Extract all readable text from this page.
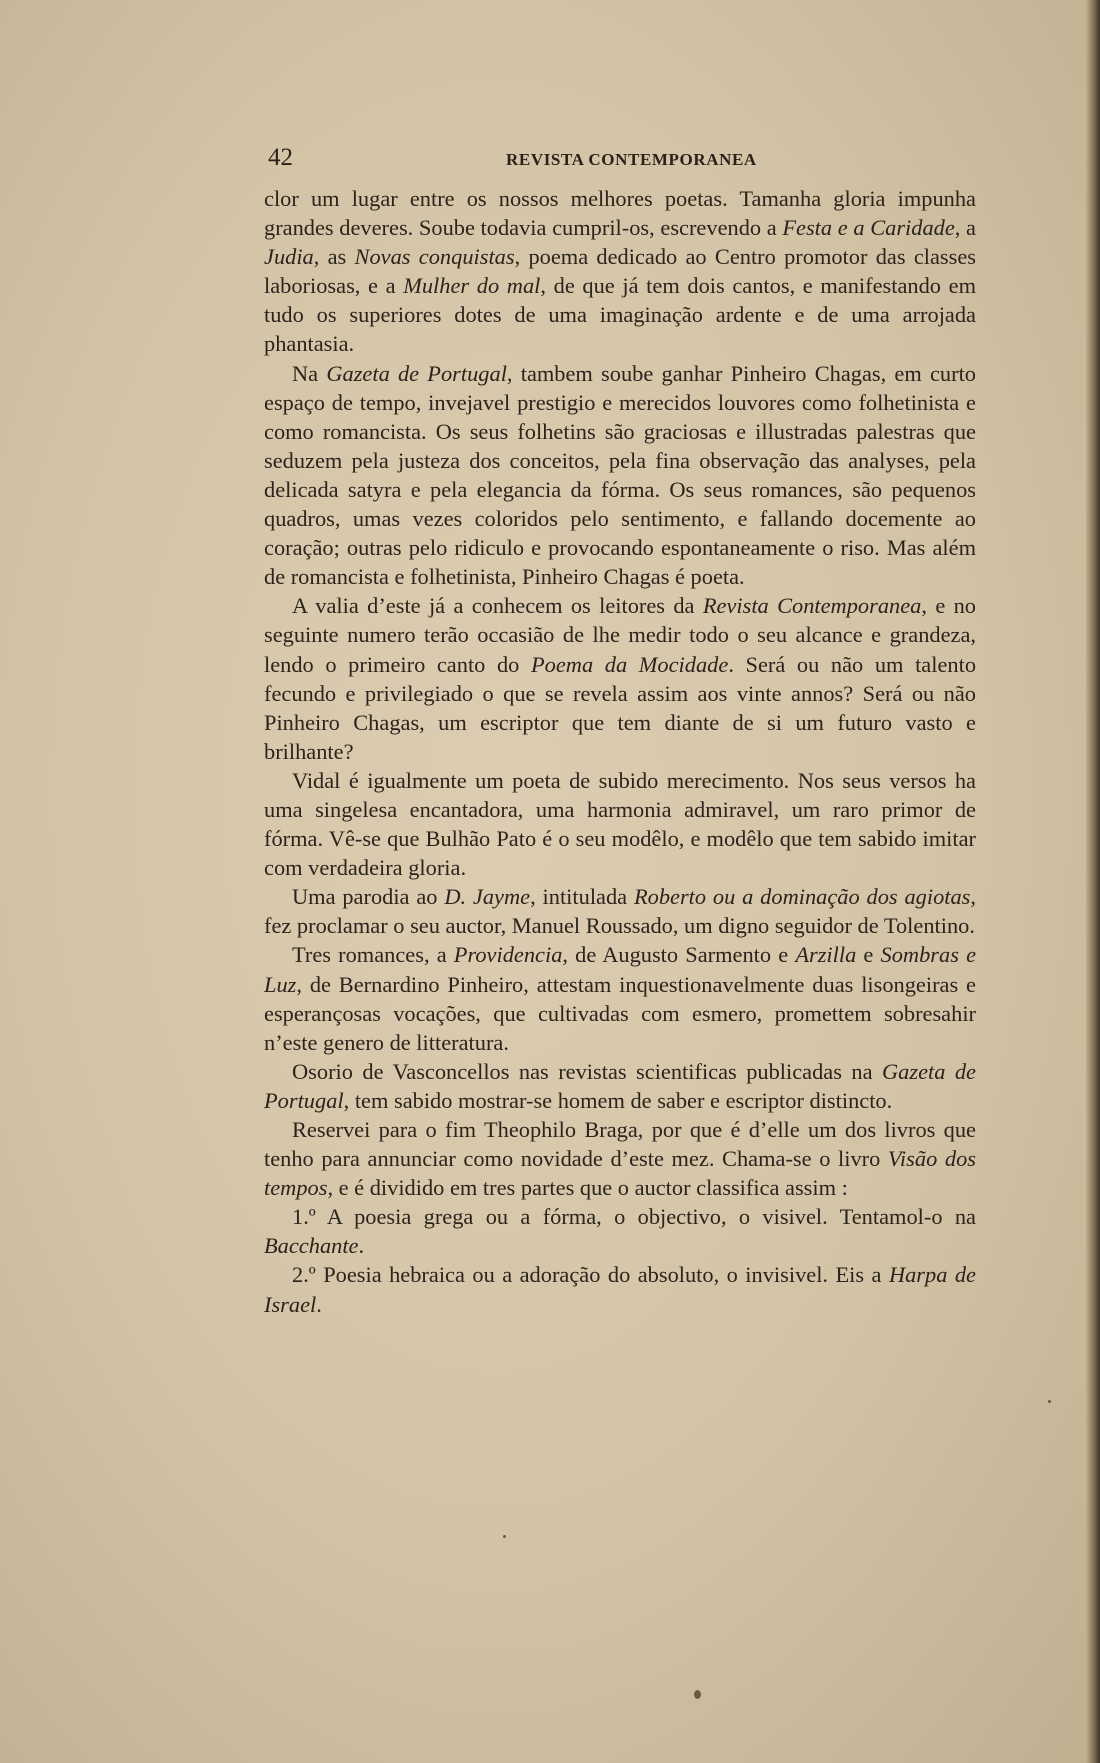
42	REVISTA CONTEMPORANEA

clor um lugar entre os nossos melhores poetas. Tamanha gloria impunha grandes deveres. Soube todavia cumpril-os, escrevendo a Festa e a Caridade, a Judia, as Novas conquistas, poema dedicado ao Centro promotor das classes laboriosas, e a Mulher do mal, de que já tem dois cantos, e manifestando em tudo os superiores dotes de uma imaginação ardente e de uma arrojada phantasia.

Na Gazeta de Portugal, tambem soube ganhar Pinheiro Chagas, em curto espaço de tempo, invejavel prestigio e merecidos louvores como folhetinista e como romancista. Os seus folhetins são graciosas e illustradas palestras que seduzem pela justeza dos conceitos, pela fina observação das analyses, pela delicada satyra e pela elegancia da fórma. Os seus romances, são pequenos quadros, umas vezes coloridos pelo sentimento, e fallando docemente ao coração; outras pelo ridiculo e provocando espontaneamente o riso. Mas além de romancista e folhetinista, Pinheiro Chagas é poeta.

A valia d’este já a conhecem os leitores da Revista Contemporanea, e no seguinte numero terão occasião de lhe medir todo o seu alcance e grandeza, lendo o primeiro canto do Poema da Mocidade. Será ou não um talento fecundo e privilegiado o que se revela assim aos vinte annos? Será ou não Pinheiro Chagas, um escriptor que tem diante de si um futuro vasto e brilhante?

Vidal é igualmente um poeta de subido merecimento. Nos seus versos ha uma singelesa encantadora, uma harmonia admiravel, um raro primor de fórma. Vê-se que Bulhão Pato é o seu modêlo, e modêlo que tem sabido imitar com verdadeira gloria.

Uma parodia ao D. Jayme, intitulada Roberto ou a dominação dos agiotas, fez proclamar o seu auctor, Manuel Roussado, um digno seguidor de Tolentino.

Tres romances, a Providencia, de Augusto Sarmento e Arzilla e Sombras e Luz, de Bernardino Pinheiro, attestam inquestionavelmente duas lisongeiras e esperançosas vocações, que cultivadas com esmero, promettem sobresahir n’este genero de litteratura.

Osorio de Vasconcellos nas revistas scientificas publicadas na Gazeta de Portugal, tem sabido mostrar-se homem de saber e escriptor distincto.

Reservei para o fim Theophilo Braga, por que é d’elle um dos livros que tenho para annunciar como novidade d’este mez. Chama-se o livro Visão dos tempos, e é dividido em tres partes que o auctor classifica assim :

1.º A poesia grega ou a fórma, o objectivo, o visivel. Tentamol-o na Bacchante.

2.º Poesia hebraica ou a adoração do absoluto, o invisivel. Eis a Harpa de Israel.
